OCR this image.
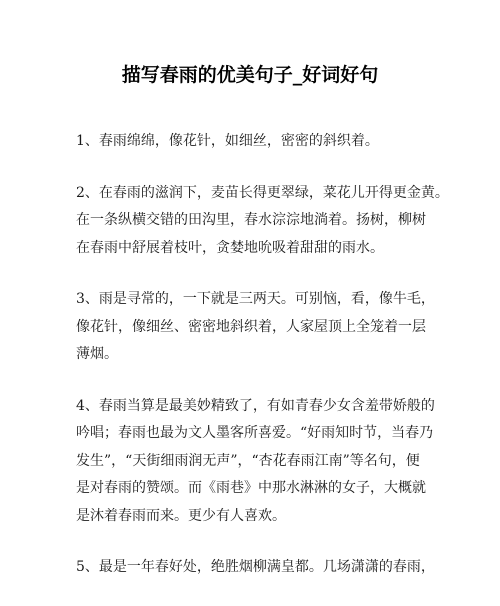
描写春雨的优美句子_好词好句
1、春雨绵绵，像花针，如细丝，密密的斜织着。
2、在春雨的滋润下，麦苗长得更翠绿，菜花儿开得更金黄。
在一条纵横交错的田沟里，春水淙淙地淌着。扬树，柳树
在春雨中舒展着枝叶，贪婪地吮吸着甜甜的雨水。
3、雨是寻常的，一下就是三两天。可别恼，看，像牛毛，
像花针，像细丝、密密地斜织着，人家屋顶上全笼着一层
薄烟。
4、春雨当算是最美妙精致了，有如青春少女含羞带娇般的
吟唱；春雨也最为文人墨客所喜爱。“好雨知时节，当春乃
发生”，“天街细雨润无声”，“杏花春雨江南”等名句，便
是对春雨的赞颂。而《雨巷》中那水淋淋的女子，大概就
是沐着春雨而来。更少有人喜欢。
5、最是一年春好处，绝胜烟柳满皇都。几场潇潇的春雨，
